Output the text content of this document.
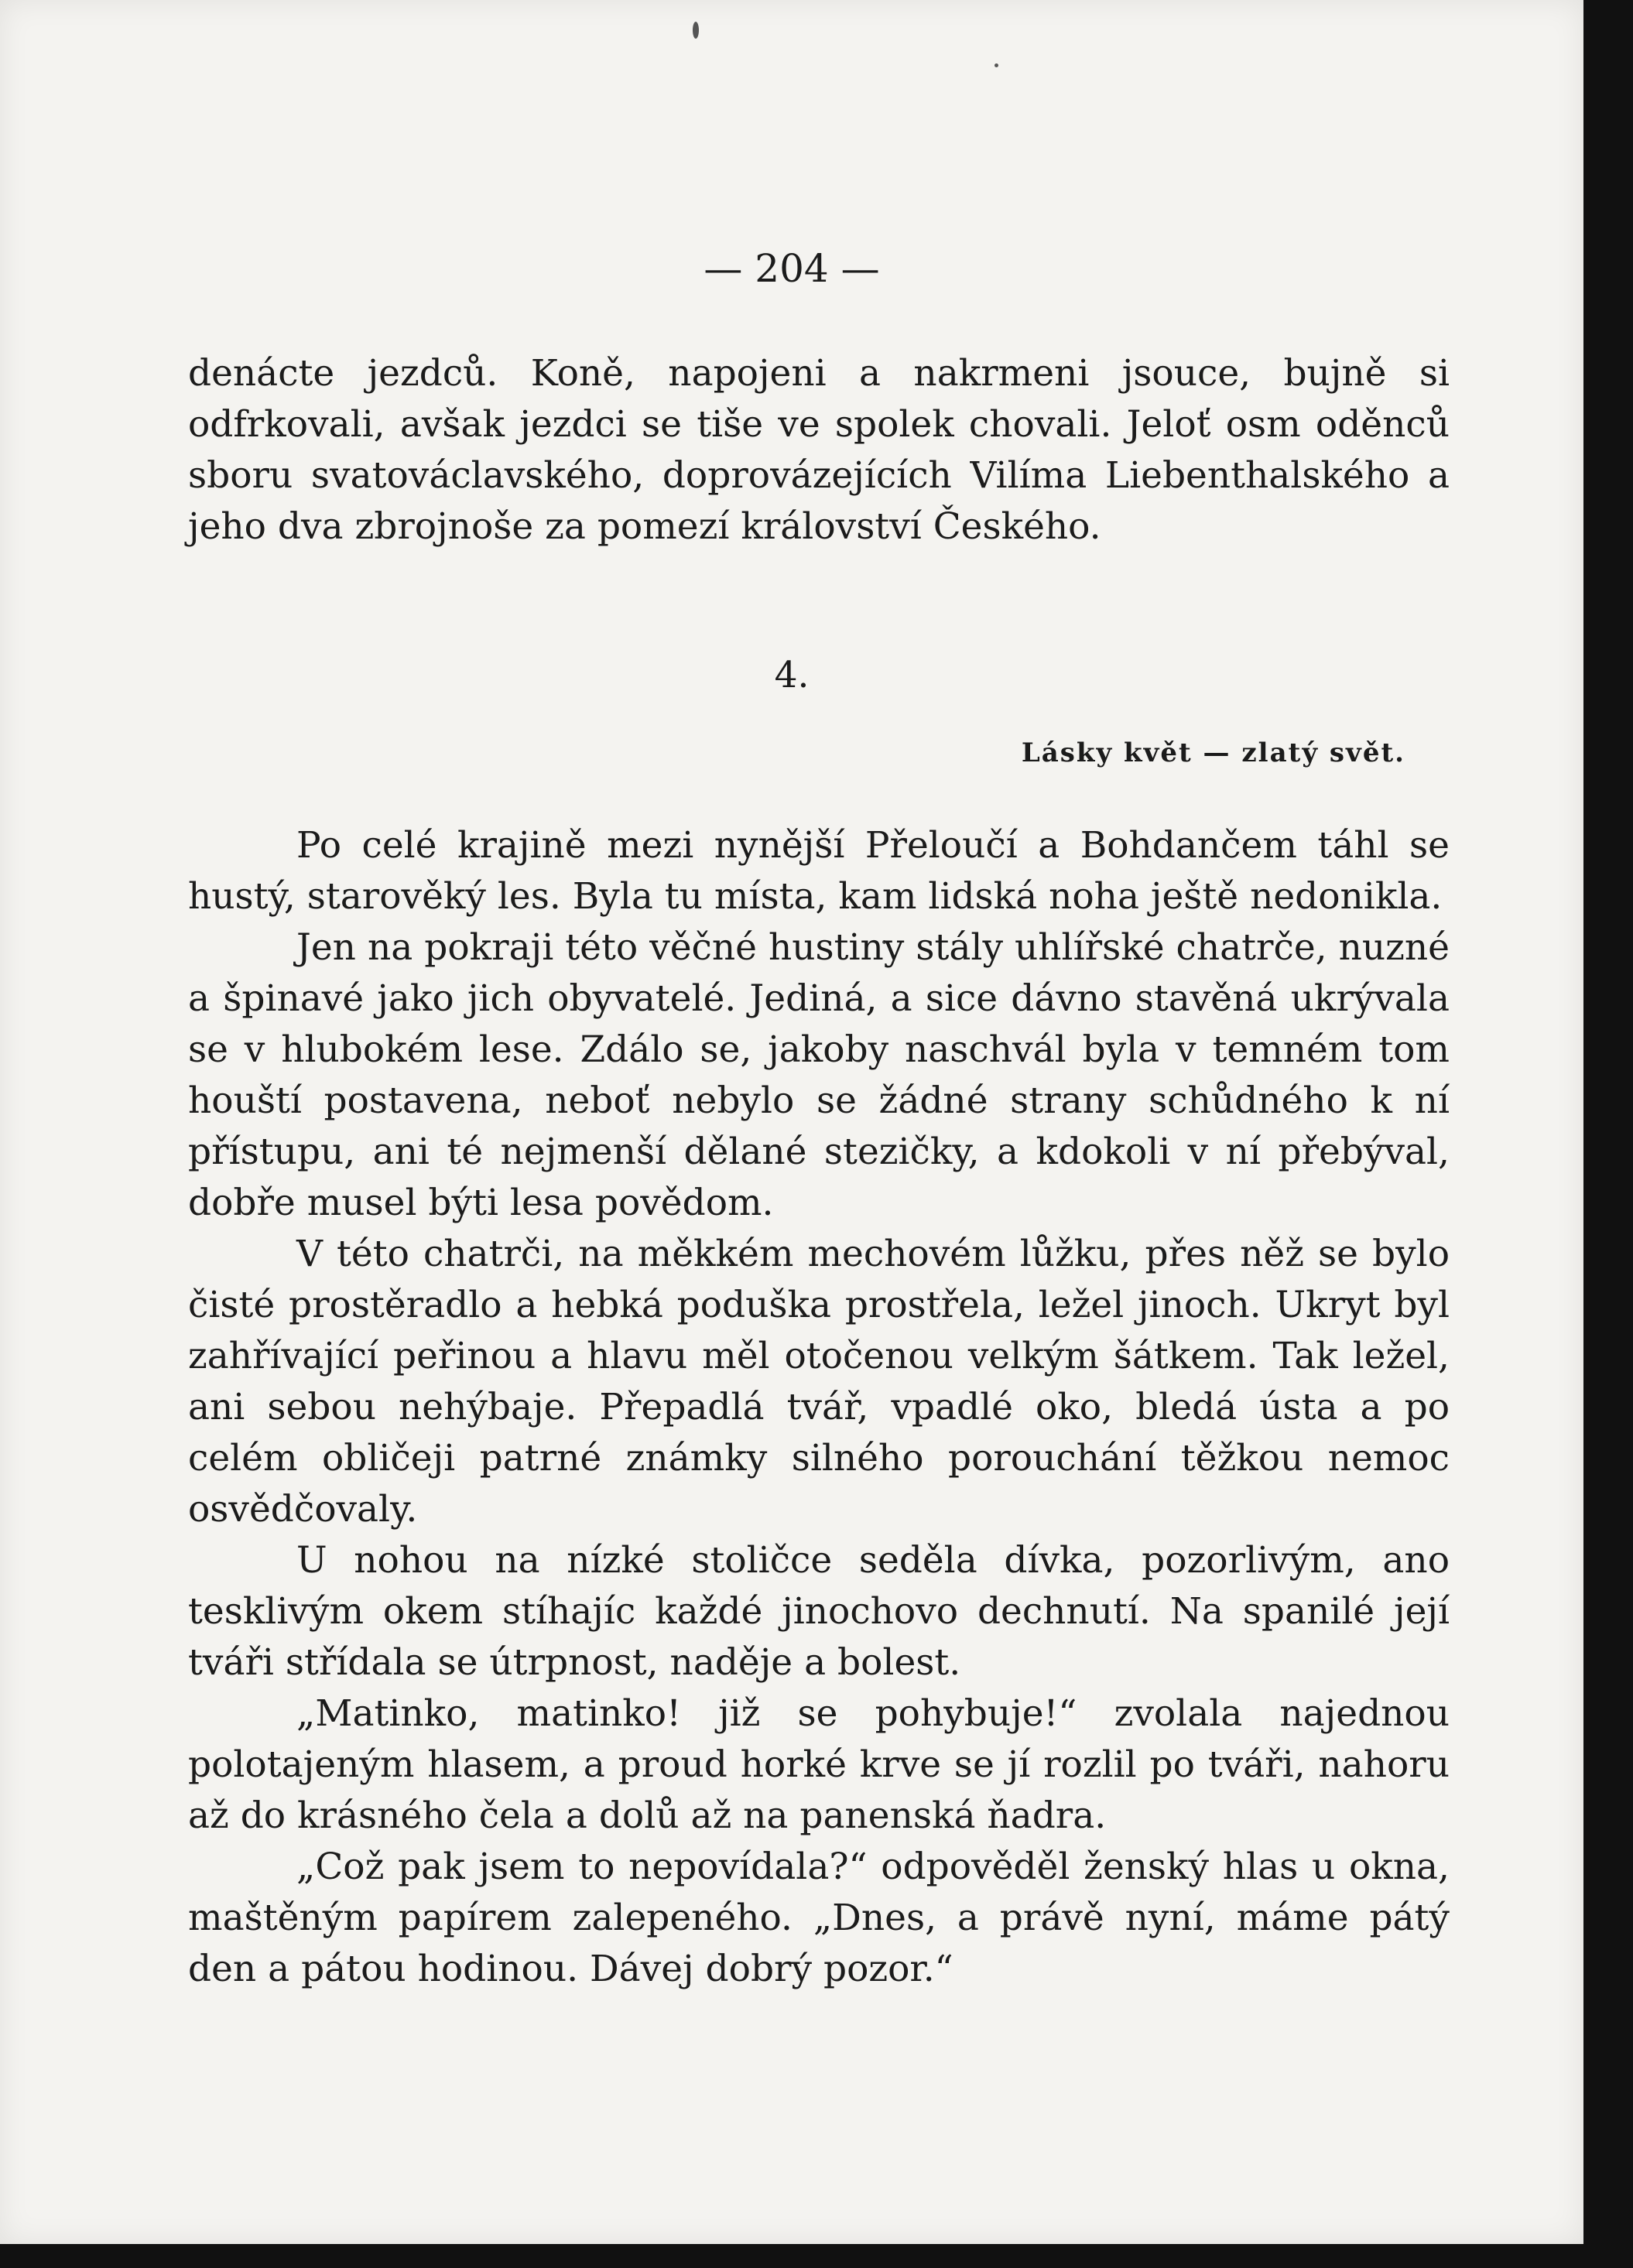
— 204 —

denácte jezdců. Koně, napojeni a nakrmeni jsouce, bujně si odfrkovali, avšak jezdci se tiše ve spolek chovali. Jeloť osm oděnců sboru svatováclavského, doprovázejících Vilíma Liebenthalského a jeho dva zbrojnoše za pomezí království Českého.

4.
Lásky květ — zlatý svět.

Po celé krajině mezi nynější Přeloučí a Bohdančem táhl se hustý, starověký les. Byla tu místa, kam lidská noha ještě nedonikla.

Jen na pokraji této věčné hustiny stály uhlířské chatrče, nuzné a špinavé jako jich obyvatelé. Jediná, a sice dávno stavěná ukrývala se v hlubokém lese. Zdálo se, jakoby naschvál byla v temném tom houští postavena, neboť nebylo se žádné strany schůdného k ní přístupu, ani té nejmenší dělané stezičky, a kdokoli v ní přebýval, dobře musel býti lesa povědom.

V této chatrči, na měkkém mechovém lůžku, přes něž se bylo čisté prostěradlo a hebká poduška prostřela, ležel jinoch. Ukryt byl zahřívající peřinou a hlavu měl otočenou velkým šátkem. Tak ležel, ani sebou nehýbaje. Přepadlá tvář, vpadlé oko, bledá ústa a po celém obličeji patrné známky silného porouchání těžkou nemoc osvědčovaly.

U nohou na nízké stoličce seděla dívka, pozorlivým, ano tesklivým okem stíhajíc každé jinochovo dechnutí. Na spanilé její tváři střídala se útrpnost, naděje a bolest.

„Matinko, matinko! již se pohybuje!“ zvolala najednou polotajeným hlasem, a proud horké krve se jí rozlil po tváři, nahoru až do krásného čela a dolů až na panenská ňadra.

„Což pak jsem to nepovídala?“ odpověděl ženský hlas u okna, maštěným papírem zalepeného. „Dnes, a právě nyní, máme pátý den a pátou hodinou. Dávej dobrý pozor.“
